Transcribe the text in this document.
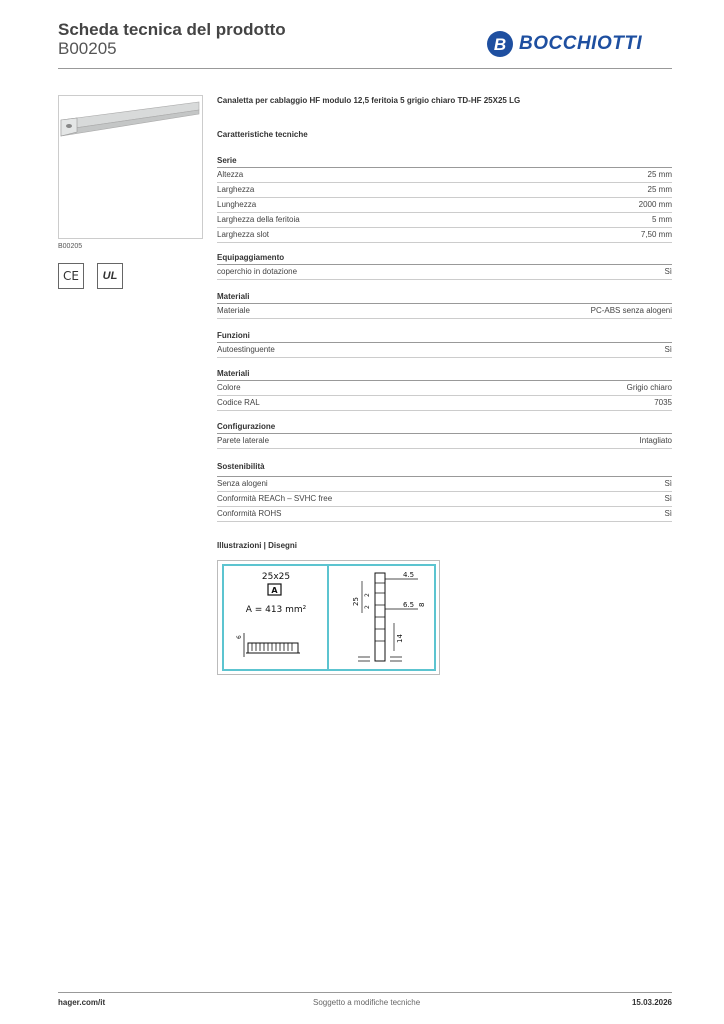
Scheda tecnica del prodotto
B00205	B BOCCHIOTTI
B00205
CE	UL
Canaletta per cablaggio HF modulo 12,5 feritoia 5 grigio chiaro TD-HF 25X25 LG
Caratteristiche tecniche
Serie
Altezza	25 mm
Larghezza	25 mm
Lunghezza	2000 mm
Larghezza della feritoia	5 mm
Larghezza slot	7,50 mm
Equipaggiamento
coperchio in dotazione	Sì
Materiali
Materiale	PC-ABS senza alogeni
Funzioni
Autoestinguente	Sì
Materiali
Colore	Grigio chiaro
Codice RAL	7035
Configurazione
Parete laterale	Intagliato
Sostenibilità
Senza alogeni	Sì
Conformità REACh – SVHC free	Sì
Conformità ROHS	Sì
Illustrazioni | Disegni
25x25
A
A = 413 mm²
6
4.5
25
2
2	6.5 8
14
hager.com/it	Soggetto a modifiche tecniche	15.03.2026
